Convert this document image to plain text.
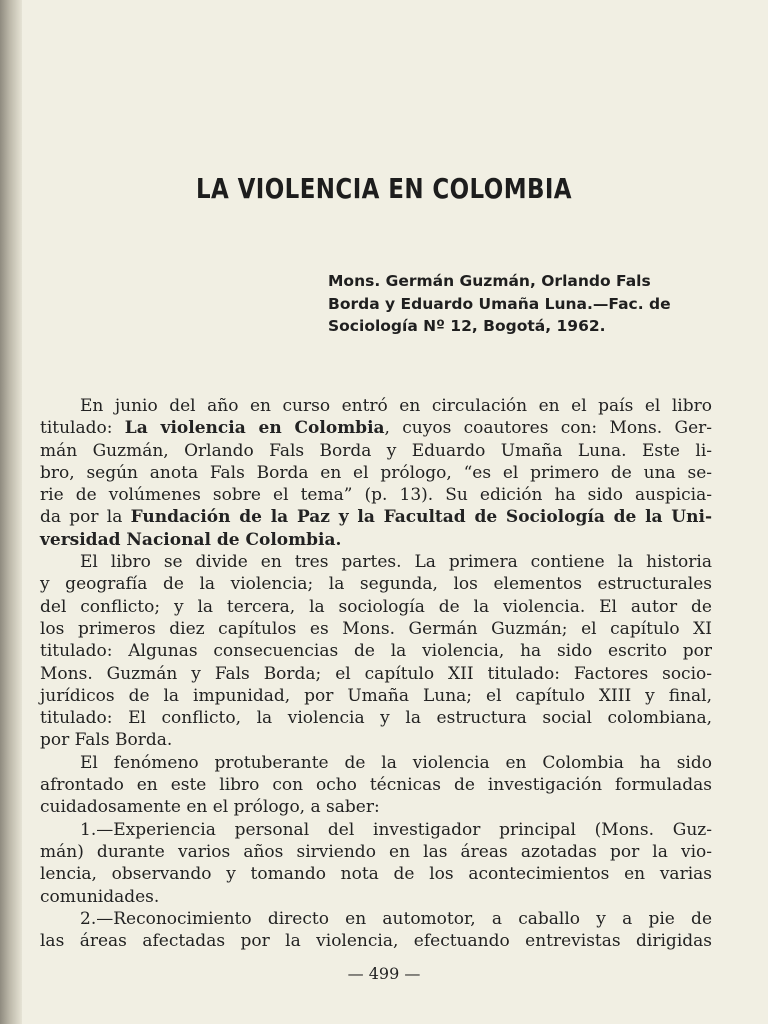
LA VIOLENCIA EN COLOMBIA
Mons. Germán Guzmán, Orlando Fals
Borda y Eduardo Umaña Luna.—Fac. de
Sociología Nº 12, Bogotá, 1962.
En junio del año en curso entró en circulación en el país el libro
titulado: La violencia en Colombia, cuyos coautores con: Mons. Ger-
mán Guzmán, Orlando Fals Borda y Eduardo Umaña Luna. Este li-
bro, según anota Fals Borda en el prólogo, “es el primero de una se-
rie de volúmenes sobre el tema” (p. 13). Su edición ha sido auspicia-
da por la Fundación de la Paz y la Facultad de Sociología de la Uni-
versidad Nacional de Colombia.
El libro se divide en tres partes. La primera contiene la historia
y geografía de la violencia; la segunda, los elementos estructurales
del conflicto; y la tercera, la sociología de la violencia. El autor de
los primeros diez capítulos es Mons. Germán Guzmán; el capítulo XI
titulado: Algunas consecuencias de la violencia, ha sido escrito por
Mons. Guzmán y Fals Borda; el capítulo XII titulado: Factores socio-
jurídicos de la impunidad, por Umaña Luna; el capítulo XIII y final,
titulado: El conflicto, la violencia y la estructura social colombiana,
por Fals Borda.
El fenómeno protuberante de la violencia en Colombia ha sido
afrontado en este libro con ocho técnicas de investigación formuladas
cuidadosamente en el prólogo, a saber:
1.—Experiencia personal del investigador principal (Mons. Guz-
mán) durante varios años sirviendo en las áreas azotadas por la vio-
lencia, observando y tomando nota de los acontecimientos en varias
comunidades.
2.—Reconocimiento directo en automotor, a caballo y a pie de
las áreas afectadas por la violencia, efectuando entrevistas dirigidas
— 499 —
